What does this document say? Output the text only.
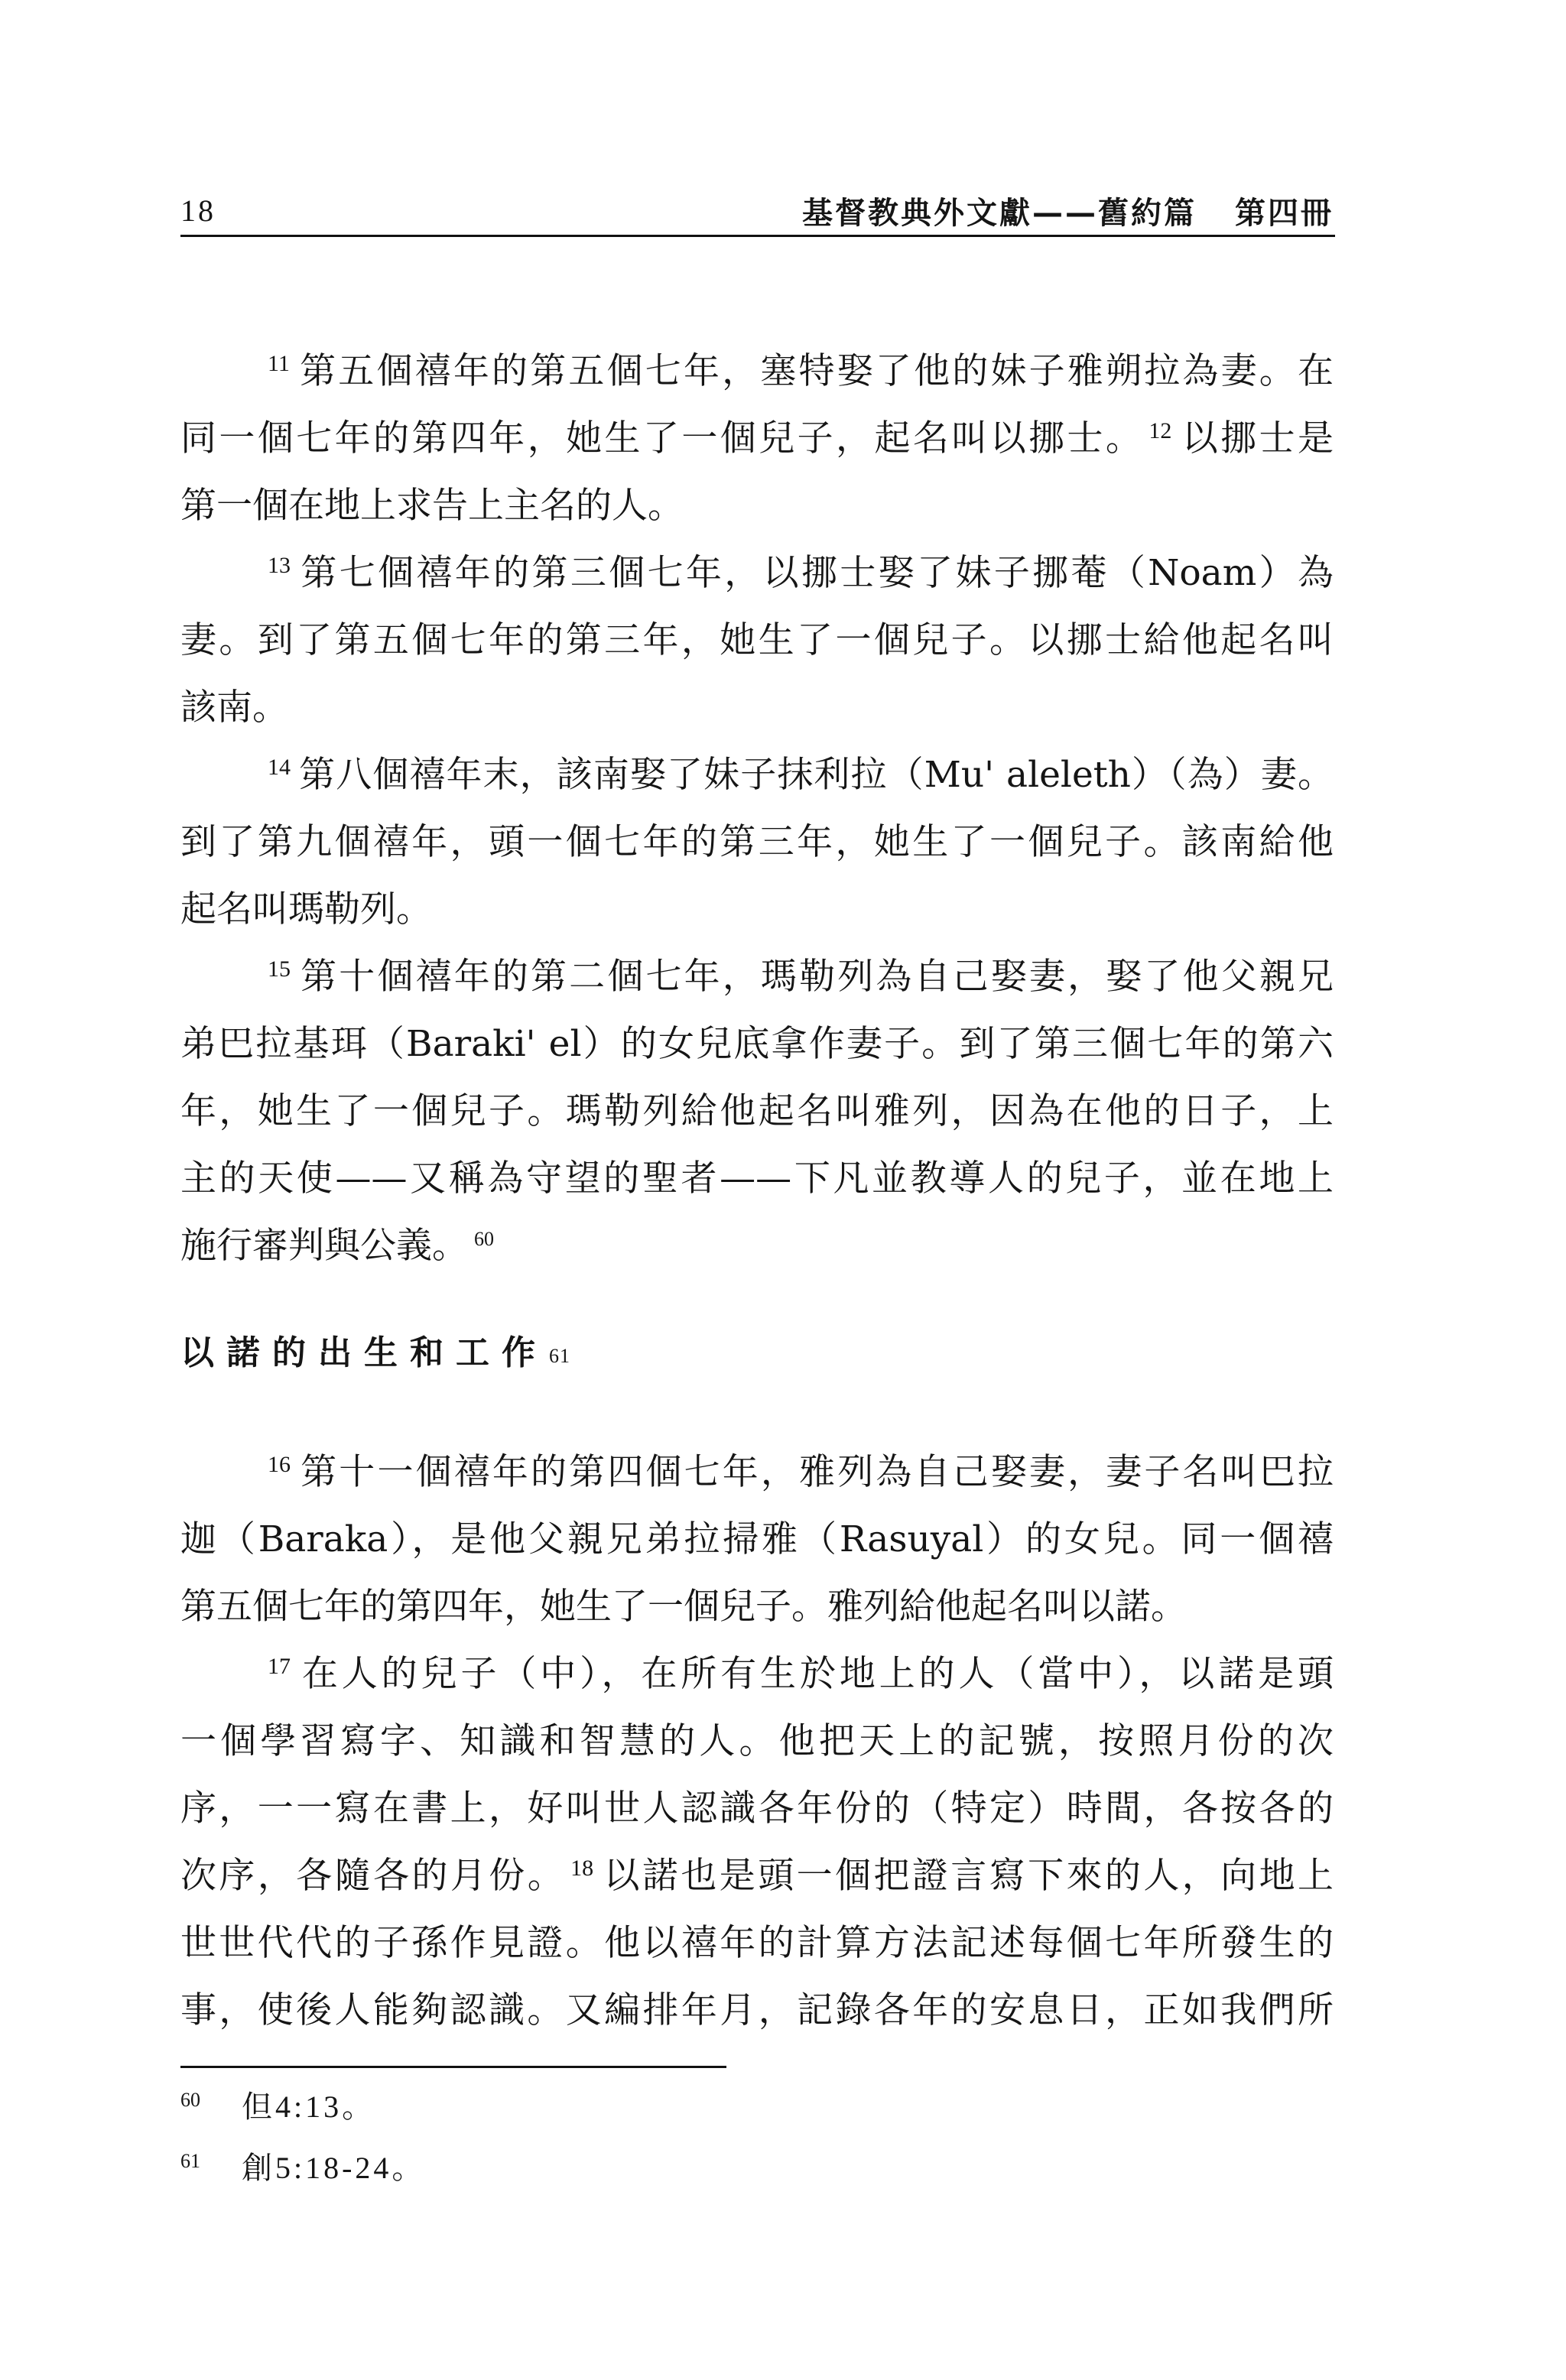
18	基督教典外文獻——舊約篇 第四冊
$^{11}$ 第五個禧年的第五個七年，塞特娶了他的妹子雅朔拉為妻。在
同一個七年的第四年，她生了一個兒子，起名叫以挪士。 $^{12}$ 以挪士是
第一個在地上求告上主名的人。
$^{13}$ 第七個禧年的第三個七年，以挪士娶了妹子挪菴（Noam）為
妻。到了第五個七年的第三年，她生了一個兒子。以挪士給他起名叫
該南。
$^{14}$ 第八個禧年末，該南娶了妹子抹利拉（Mu' aleleth）（為）妻。
到了第九個禧年，頭一個七年的第三年，她生了一個兒子。該南給他
起名叫瑪勒列。
$^{15}$ 第十個禧年的第二個七年，瑪勒列為自己娶妻，娶了他父親兄
弟巴拉基珥（Baraki' el）的女兒底拿作妻子。到了第三個七年的第六
年，她生了一個兒子。瑪勒列給他起名叫雅列，因為在他的日子，上
主的天使——又稱為守望的聖者——下凡並教導人的兒子，並在地上
施行審判與公義。 $^{60}$
以諾的出生和工作61
$^{16}$ 第十一個禧年的第四個七年，雅列為自己娶妻，妻子名叫巴拉
迦（Baraka），是他父親兄弟拉掃雅（Rasuyal）的女兒。同一個禧
第五個七年的第四年，她生了一個兒子。雅列給他起名叫以諾。
$^{17}$ 在人的兒子（中），在所有生於地上的人（當中），以諾是頭
一個學習寫字、知識和智慧的人。他把天上的記號，按照月份的次
序，一一寫在書上，好叫世人認識各年份的（特定）時間，各按各的
次序，各隨各的月份。 $^{18}$ 以諾也是頭一個把證言寫下來的人，向地上
世世代代的子孫作見證。他以禧年的計算方法記述每個七年所發生的
事，使後人能夠認識。又編排年月，記錄各年的安息日，正如我們所
60 但4:13。
61 創5:18-24。
